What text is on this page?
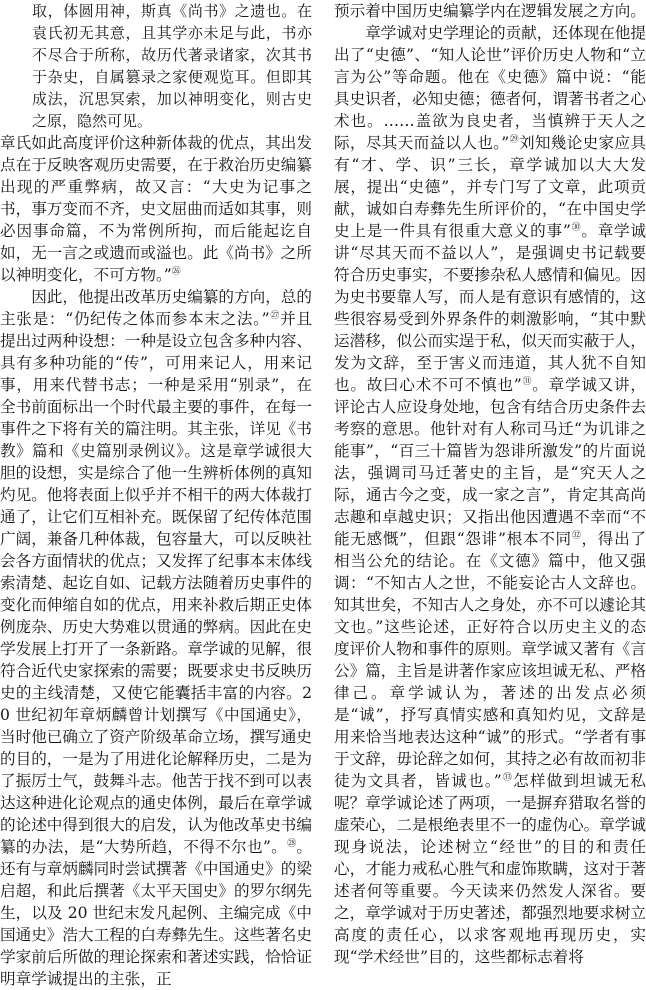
取，体圆用神，斯真《尚书》之遗也。在袁氏初无其意，且其学亦未足与此，书亦不尽合于所称，故历代著录诸家，次其书于杂史，自属篡录之家便观览耳。但即其成法，沉思冥索，加以神明变化，则古史之原，隐然可见。

章氏如此高度评价这种新体裁的优点，其出发点在于反映客观历史需要，在于救治历史编纂出现的严重弊病，故又言：“大史为记事之书，事万变而不齐，史文屈曲而适如其事，则必因事命篇，不为常例所拘，而后能起讫自如，无一言之或遗而或溢也。此《尚书》之所以神明变化，不可方物。”$^㉖$

因此，他提出改革历史编纂的方向，总的主张是：“仍纪传之体而参本末之法。”$^㉗$并且提出过两种设想：一种是设立包含多种内容、具有多种功能的“传”，可用来记人，用来记事，用来代替书志；一种是采用“别录”，在全书前面标出一个时代最主要的事件，在每一事件之下将有关的篇注明。其主张，详见《书教》篇和《史篇别录例议》。这是章学诚很大胆的设想，实是综合了他一生辨析体例的真知灼见。他将表面上似乎并不相干的两大体裁打通了，让它们互相补充。既保留了纪传体范围广阔，兼备几种体裁，包容量大，可以反映社会各方面情状的优点；又发挥了纪事本末体线索清楚、起讫自如、记载方法随着历史事件的变化而伸缩自如的优点，用来补救后期正史体例庞杂、历史大势难以贯通的弊病。因此在史学发展上打开了一条新路。章学诚的见解，很符合近代史家探索的需要；既要求史书反映历史的主线清楚，又使它能囊括丰富的内容。20 世纪初年章炳麟曾计划撰写《中国通史》，当时他已确立了资产阶级革命立场，撰写通史的目的，一是为了用进化论解释历史，二是为了振厉士气，鼓舞斗志。他苦于找不到可以表达这种进化论观点的通史体例，最后在章学诚的论述中得到很大的启发，认为他改革史书编纂的办法，是“大势所趋，不得不尔也”。$^㉘$。还有与章炳麟同时尝试撰著《中国通史》的梁启超，和此后撰著《太平天国史》的罗尔纲先生，以及 20 世纪末发凡起例、主编完成《中国通史》浩大工程的白寿彝先生。这些著名史学家前后所做的理论探索和著述实践，恰恰证明章学诚提出的主张，正

预示着中国历史编纂学内在逻辑发展之方向。

章学诚对史学理论的贡献，还体现在他提出了“史德”、“知人论世”评价历史人物和“立言为公”等命题。他在《史德》篇中说：“能具史识者，必知史德；德者何，谓著书者之心术也。……盖欲为良史者，当慎辨于天人之际，尽其天而益以人也。”$^㉙$刘知幾论史家应具有“才、学、识”三长，章学诚加以大大发展，提出“史德”，并专门写了文章，此项贡献，诚如白寿彝先生所评价的，“在中国史学史上是一件具有很重大意义的事”$^㉚$。章学诚讲“尽其天而不益以人”，是强调史书记载要符合历史事实，不要掺杂私人感情和偏见。因为史书要靠人写，而人是有意识有感情的，这些很容易受到外界条件的刺激影响，“其中默运潜移，似公而实逞于私，似天而实蔽于人，发为文辞，至于害义而违道，其人犹不自知也。故曰心术不可不慎也”$^㉛$。章学诚又讲，评论古人应设身处地，包含有结合历史条件去考察的意思。他针对有人称司马迁“为讥诽之能事”，“百三十篇皆为怨诽所激发”的片面说法，强调司马迁著史的主旨，是“究天人之际，通古今之变，成一家之言”，肯定其高尚志趣和卓越史识；又指出他因遭遇不幸而“不能无感慨”，但跟“怨诽”根本不同$^㉜$，得出了相当公允的结论。在《文德》篇中，他又强调：“不知古人之世，不能妄论古人文辞也。知其世矣，不知古人之身处，亦不可以遽论其文也。”这些论述，正好符合以历史主义的态度评价人物和事件的原则。章学诚又著有《言公》篇，主旨是讲著作家应该坦诚无私、严格律己。章学诚认为，著述的出发点必须是“诚”，抒写真情实感和真知灼见，文辞是用来恰当地表达这种“诚”的形式。“学者有事于文辞，毋论辞之如何，其持之必有故而初非徒为文具者，皆诚也。”$^㉝$怎样做到坦诚无私呢？章学诚论述了两项，一是摒弃猎取名誉的虚荣心，二是根绝表里不一的虚伪心。章学诚现身说法，论述树立“经世”的目的和责任心，才能力戒私心胜气和虚饰欺瞒，这对于著述者何等重要。今天读来仍然发人深省。要之，章学诚对于历史著述，都强烈地要求树立高度的责任心，以求客观地再现历史，实现“学术经世”目的，这些都标志着将
